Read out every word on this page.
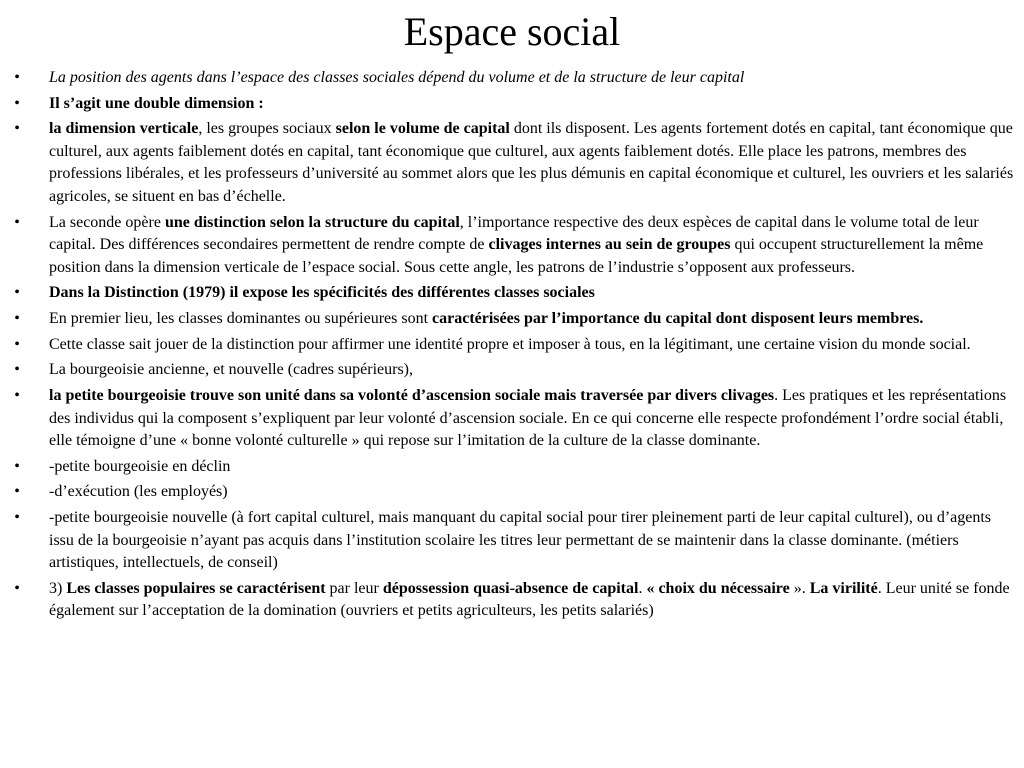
Espace social
• La position des agents dans l’espace des classes sociales dépend du volume et de la structure de leur capital
• Il s’agit une double dimension :
• la dimension verticale, les groupes sociaux selon le volume de capital dont ils disposent. Les agents fortement dotés en capital, tant économique que culturel, aux agents faiblement dotés en capital, tant économique que culturel, aux agents faiblement dotés. Elle place les patrons, membres des professions libérales, et les professeurs d’université au sommet alors que les plus démunis en capital économique et culturel, les ouvriers et les salariés agricoles, se situent en bas d’échelle.
• La seconde opère une distinction selon la structure du capital, l’importance respective des deux espèces de capital dans le volume total de leur capital. Des différences secondaires permettent de rendre compte de clivages internes au sein de groupes qui occupent structurellement la même position dans la dimension verticale de l’espace social. Sous cette angle, les patrons de l’industrie s’opposent aux professeurs.
• Dans la Distinction (1979) il expose les spécificités des différentes classes sociales
• En premier lieu, les classes dominantes ou supérieures sont caractérisées par l’importance du capital dont disposent leurs membres.
• Cette classe sait jouer de la distinction pour affirmer une identité propre et imposer à tous, en la légitimant, une certaine vision du monde social.
• La bourgeoisie ancienne, et nouvelle (cadres supérieurs),
• la petite bourgeoisie trouve son unité dans sa volonté d’ascension sociale mais traversée par divers clivages. Les pratiques et les représentations des individus qui la composent s’expliquent par leur volonté d’ascension sociale. En ce qui concerne elle respecte profondément l’ordre social établi, elle témoigne d’une « bonne volonté culturelle » qui repose sur l’imitation de la culture de la classe dominante.
• -petite bourgeoisie en déclin
• -d’exécution (les employés)
• -petite bourgeoisie nouvelle (à fort capital culturel, mais manquant du capital social pour tirer pleinement parti de leur capital culturel), ou d’agents issu de la bourgeoisie n’ayant pas acquis dans l’institution scolaire les titres leur permettant de se maintenir dans la classe dominante. (métiers artistiques, intellectuels, de conseil)
• 3) Les classes populaires se caractérisent par leur dépossession quasi-absence de capital. « choix du nécessaire ». La virilité. Leur unité se fonde également sur l’acceptation de la domination (ouvriers et petits agriculteurs, les petits salariés)
